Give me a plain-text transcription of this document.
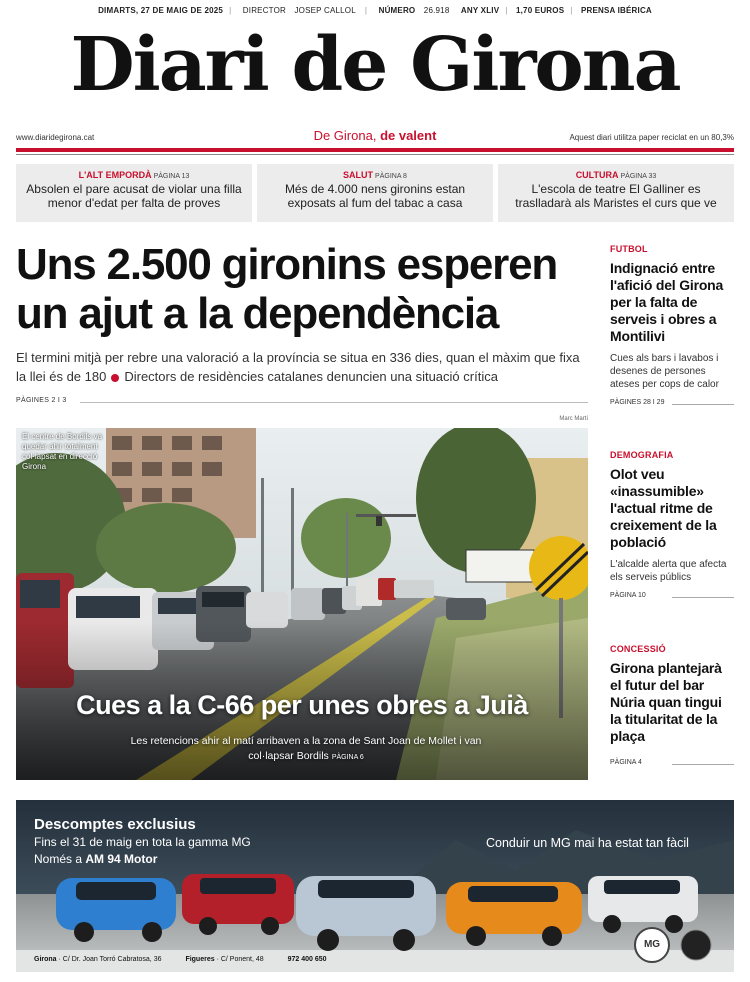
DIMARTS, 27 DE MAIG DE 2025 | DIRECTOR JOSEP CALLOL | NÚMERO 26.918 ANY XLIV | 1,70 EUROS | PRENSA IBÉRICA
Diari de Girona
www.diaridegirona.cat	De Girona, de valent	Aquest diari utilitza paper reciclat en un 80,3%
L'ALT EMPORDÀ PÀGINA 13
Absolen el pare acusat de violar una filla menor d'edat per falta de proves
SALUT PÀGINA 8
Més de 4.000 nens gironins estan exposats al fum del tabac a casa
CULTURA PÀGINA 33
L'escola de teatre El Galliner es traslladarà als Maristes el curs que ve
Uns 2.500 gironins esperen un ajut a la dependència
El termini mitjà per rebre una valoració a la província se situa en 336 dies, quan el màxim que fixa la llei és de 180 Directors de residències catalanes denuncien una situació crítica
PÀGINES 2 I 3
Marc Martí
El centre de Bordils va quedar ahir totalment col·lapsat en direcció Girona
Cues a la C-66 per unes obres a Juià
Les retencions ahir al matí arribaven a la zona de Sant Joan de Mollet i van col·lapsar Bordils PÀGINA 6
FUTBOL
Indignació entre l'afició del Girona per la falta de serveis i obres a Montilivi
Cues als bars i lavabos i desenes de persones ateses per cops de calor
PÀGINES 28 I 29
DEMOGRAFIA
Olot veu «inassumible» l'actual ritme de creixement de la població
L'alcalde alerta que afecta els serveis públics
PÀGINA 10
CONCESSIÓ
Girona plantejarà el futur del bar Núria quan tingui la titularitat de la plaça
PÀGINA 4
Descomptes exclusius
Fins el 31 de maig en tota la gamma MG
Només a AM 94 Motor
Conduir un MG mai ha estat tan fàcil
MG
Girona · C/ Dr. Joan Torró Cabratosa, 36	Figueres · C/ Ponent, 48	972 400 650
